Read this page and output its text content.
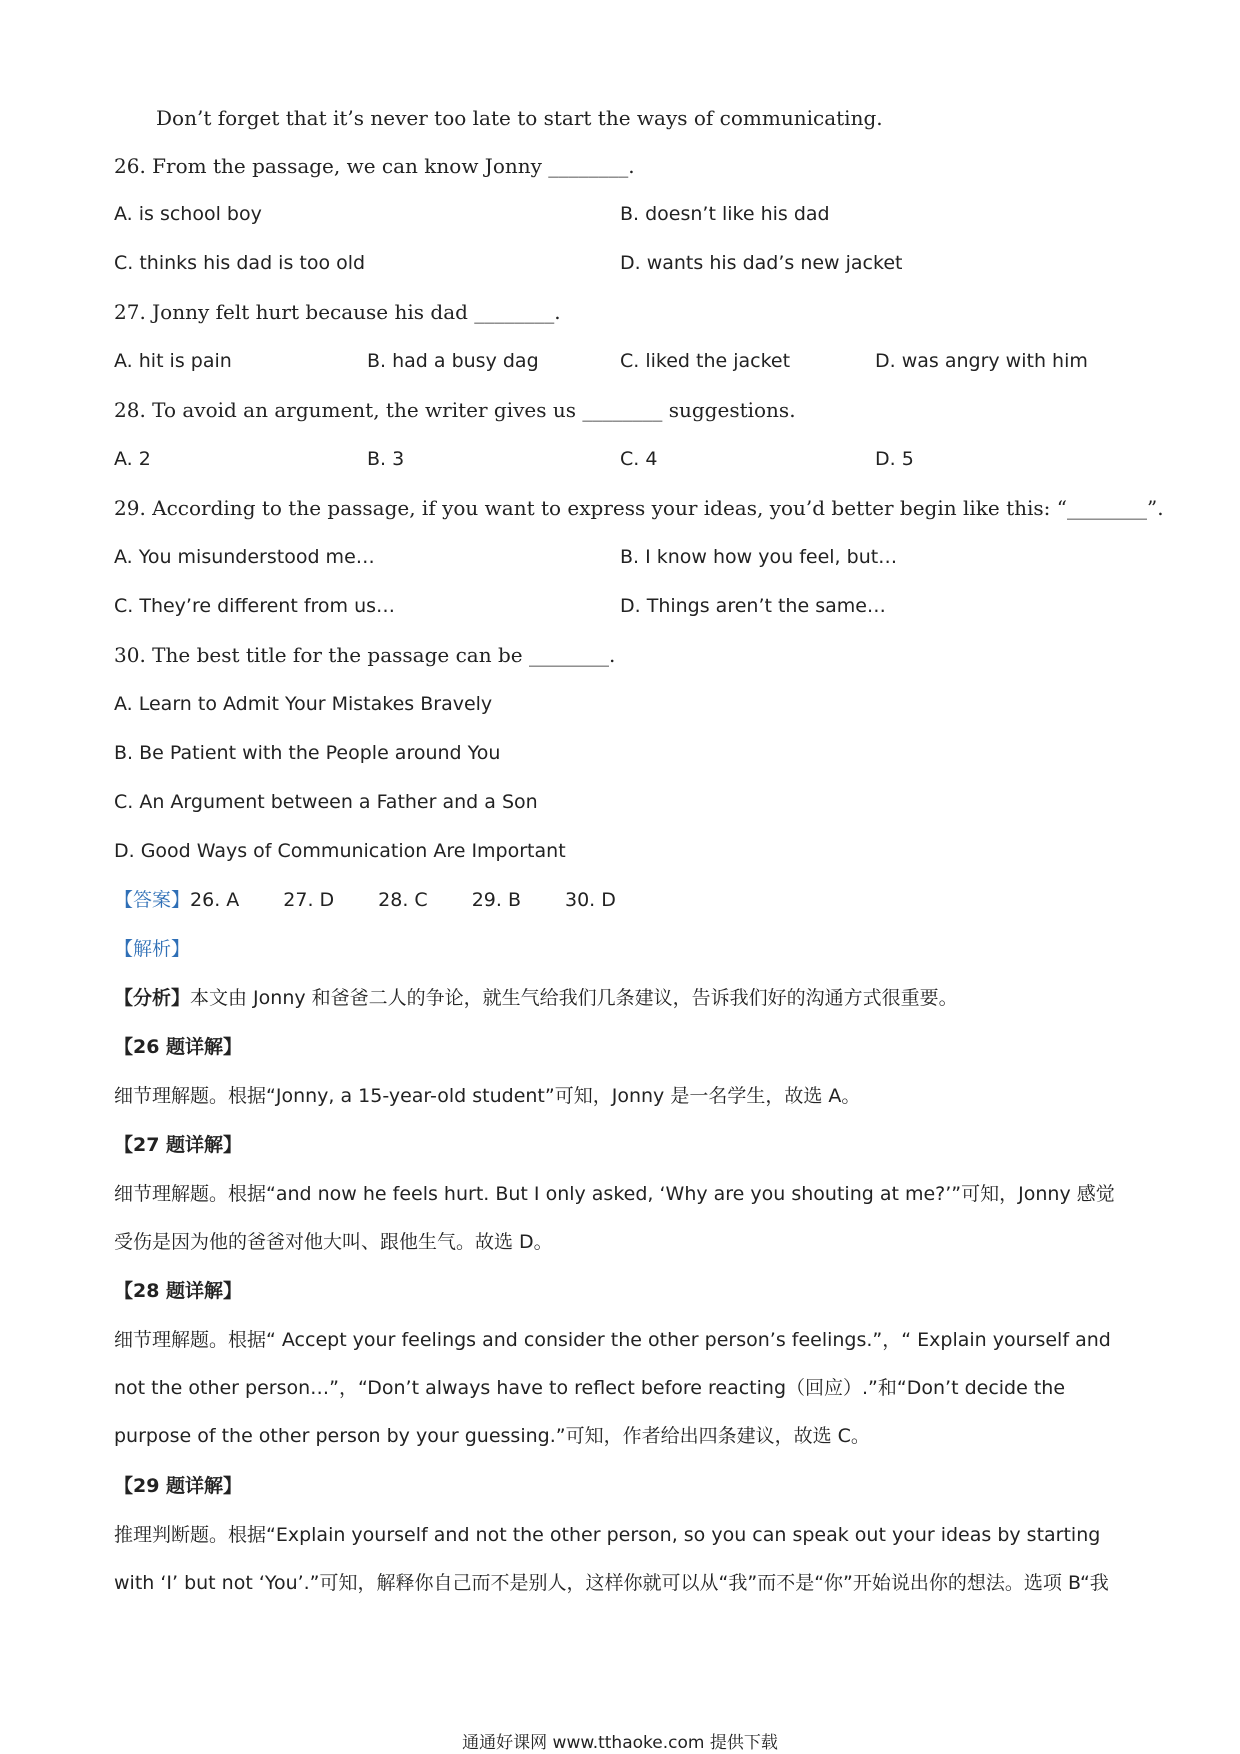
Don’t forget that it’s never too late to start the ways of communicating.
26. From the passage, we can know Jonny ________.
A. is school boy	B. doesn’t like his dad
C. thinks his dad is too old	D. wants his dad’s new jacket
27. Jonny felt hurt because his dad ________.
A. hit is pain	B. had a busy dag	C. liked the jacket	D. was angry with him
28. To avoid an argument, the writer gives us ________ suggestions.
A. 2	B. 3	C. 4	D. 5
29. According to the passage, if you want to express your ideas, you’d better begin like this: “________”.
A. You misunderstood me…	B. I know how you feel, but…
C. They’re different from us…	D. Things aren’t the same…
30. The best title for the passage can be ________.
A. Learn to Admit Your Mistakes Bravely
B. Be Patient with the People around You
C. An Argument between a Father and a Son
D. Good Ways of Communication Are Important
【答案】26. A 27. D 28. C 29. B 30. D
【解析】
【分析】本文由 Jonny 和爸爸二人的争论，就生气给我们几条建议，告诉我们好的沟通方式很重要。
【26 题详解】
细节理解题。根据“Jonny, a 15-year-old student”可知，Jonny 是一名学生，故选 A。
【27 题详解】
细节理解题。根据“and now he feels hurt. But I only asked, ‘Why are you shouting at me?’”可知，Jonny 感觉受伤是因为他的爸爸对他大叫、跟他生气。故选 D。
【28 题详解】
细节理解题。根据“ Accept your feelings and consider the other person’s feelings.”，“ Explain yourself and not the other person…”，“Don’t always have to reflect before reacting（回应）.”和“Don’t decide the purpose of the other person by your guessing.”可知，作者给出四条建议，故选 C。
【29 题详解】
推理判断题。根据“Explain yourself and not the other person, so you can speak out your ideas by starting with ‘I’ but not ‘You’.”可知，解释你自己而不是别人，这样你就可以从“我”而不是“你”开始说出你的想法。选项 B“我
通通好课网 www.tthaoke.com 提供下载
